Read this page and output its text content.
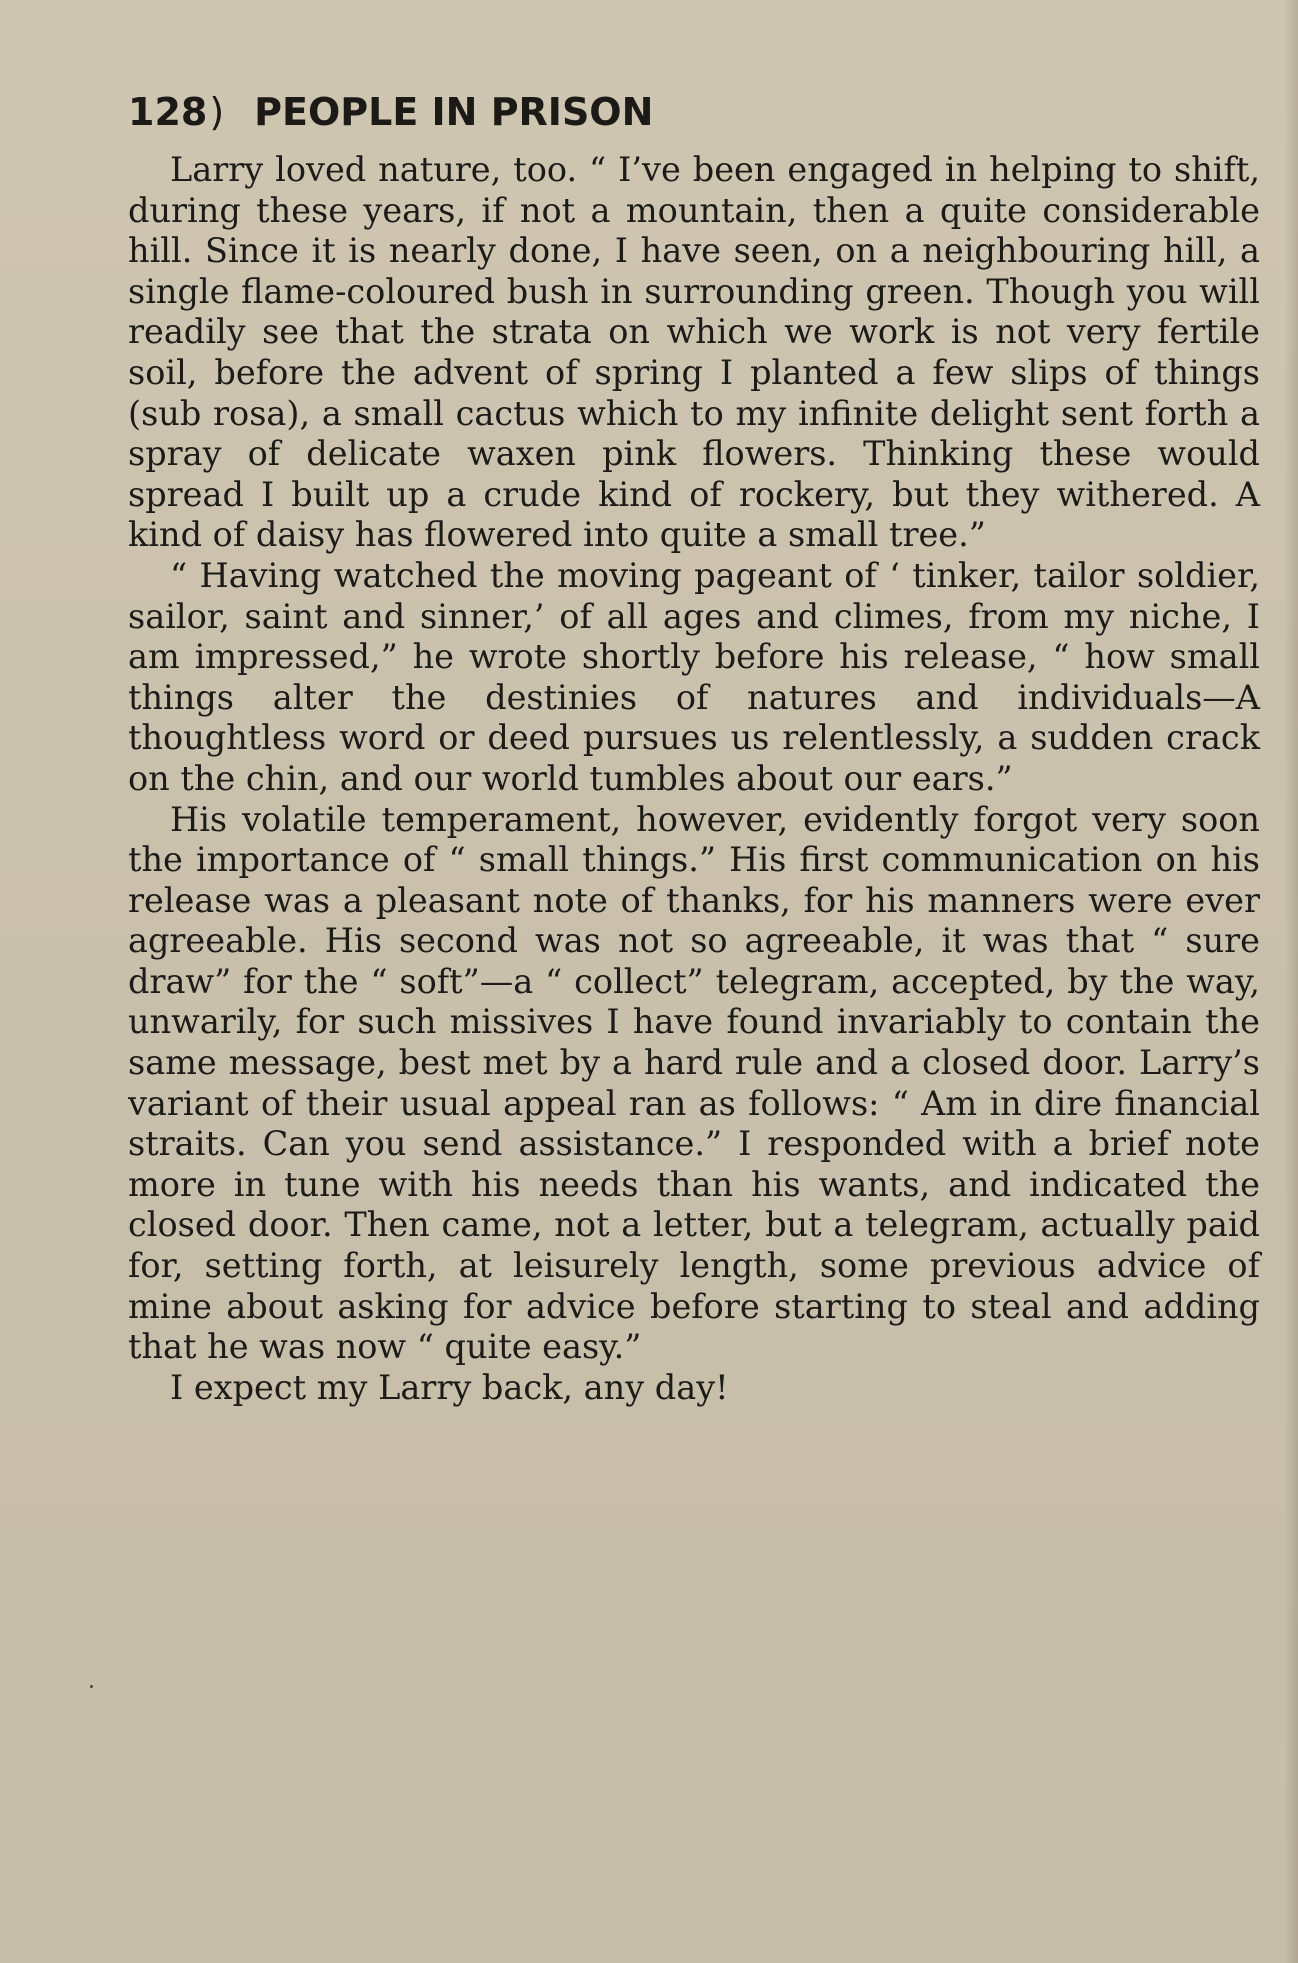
128) PEOPLE IN PRISON

Larry loved nature, too. “ I’ve been engaged in helping to shift, during these years, if not a mountain, then a quite considerable hill. Since it is nearly done, I have seen, on a neighbouring hill, a single flame-coloured bush in surrounding green. Though you will readily see that the strata on which we work is not very fertile soil, before the advent of spring I planted a few slips of things (sub rosa), a small cactus which to my infinite delight sent forth a spray of delicate waxen pink flowers. Thinking these would spread I built up a crude kind of rockery, but they withered. A kind of daisy has flowered into quite a small tree.”

“ Having watched the moving pageant of ‘ tinker, tailor soldier, sailor, saint and sinner,’ of all ages and climes, from my niche, I am impressed,” he wrote shortly before his release, “ how small things alter the destinies of natures and individuals—A thoughtless word or deed pursues us relentlessly, a sudden crack on the chin, and our world tumbles about our ears.”

His volatile temperament, however, evidently forgot very soon the importance of “ small things.” His first communication on his release was a pleasant note of thanks, for his manners were ever agreeable. His second was not so agreeable, it was that “ sure draw” for the “ soft”—a “ collect” telegram, accepted, by the way, unwarily, for such missives I have found invariably to contain the same message, best met by a hard rule and a closed door. Larry’s variant of their usual appeal ran as follows: “ Am in dire financial straits. Can you send assistance.” I responded with a brief note more in tune with his needs than his wants, and indicated the closed door. Then came, not a letter, but a telegram, actually paid for, setting forth, at leisurely length, some previous advice of mine about asking for advice before starting to steal and adding that he was now “ quite easy.”

I expect my Larry back, any day!
